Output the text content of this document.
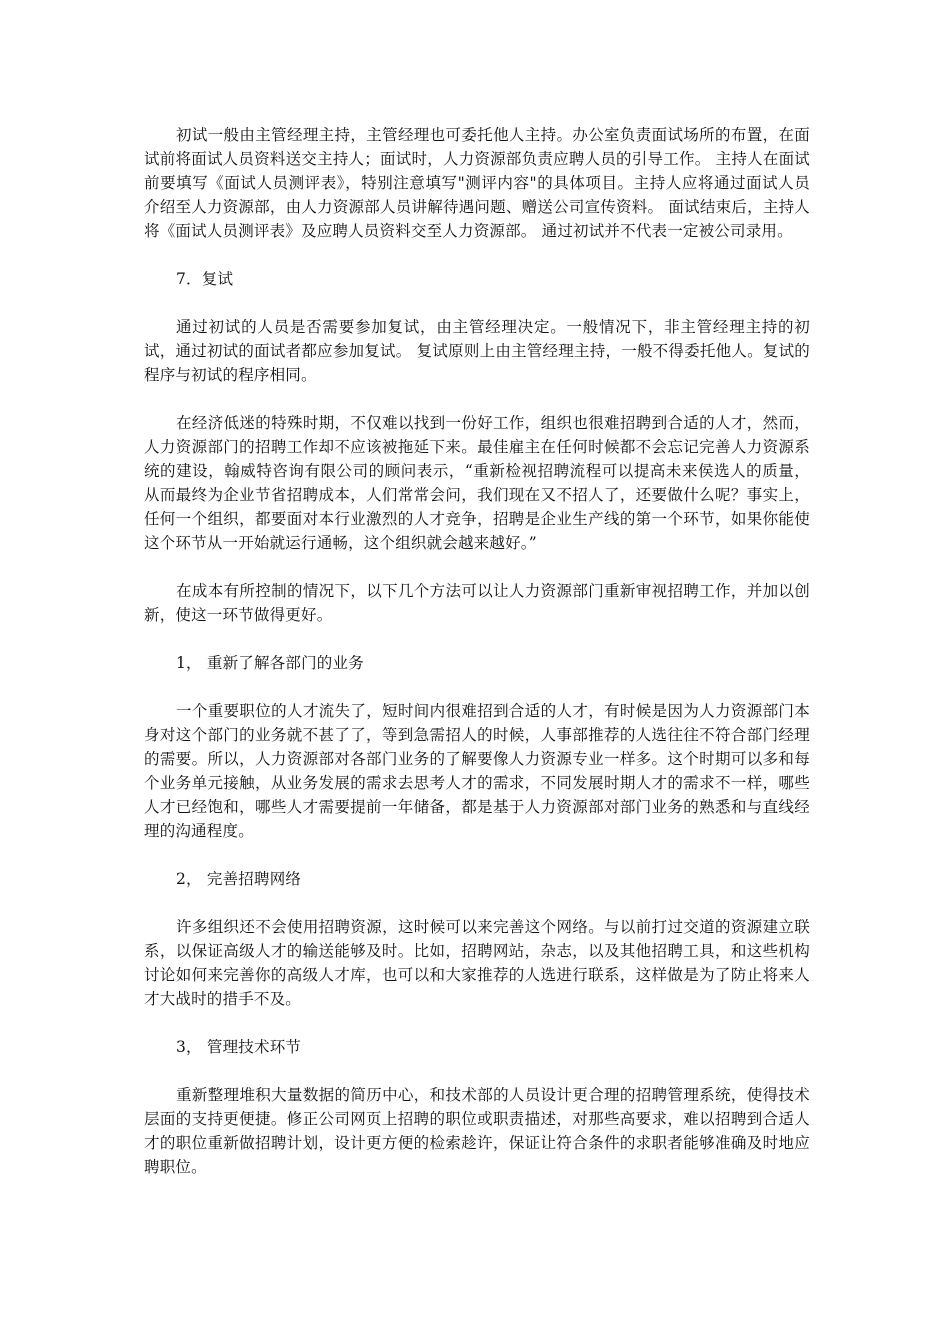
初试一般由主管经理主持，主管经理也可委托他人主持。办公室负责面试场所的布置，在面试前将面试人员资料送交主持人；面试时，人力资源部负责应聘人员的引导工作。 主持人在面试前要填写《面试人员测评表》，特别注意填写"测评内容"的具体项目。主持人应将通过面试人员介绍至人力资源部，由人力资源部人员讲解待遇问题、赠送公司宣传资料。 面试结束后，主持人将《面试人员测评表》及应聘人员资料交至人力资源部。 通过初试并不代表一定被公司录用。

7．复试

通过初试的人员是否需要参加复试，由主管经理决定。一般情况下，非主管经理主持的初试，通过初试的面试者都应参加复试。 复试原则上由主管经理主持，一般不得委托他人。复试的程序与初试的程序相同。

在经济低迷的特殊时期，不仅难以找到一份好工作，组织也很难招聘到合适的人才，然而，人力资源部门的招聘工作却不应该被拖延下来。最佳雇主在任何时候都不会忘记完善人力资源系统的建设，翰威特咨询有限公司的顾问表示，“重新检视招聘流程可以提高未来侯选人的质量，从而最终为企业节省招聘成本，人们常常会问，我们现在又不招人了，还要做什么呢？事实上，任何一个组织，都要面对本行业激烈的人才竞争，招聘是企业生产线的第一个环节，如果你能使这个环节从一开始就运行通畅，这个组织就会越来越好。”

在成本有所控制的情况下，以下几个方法可以让人力资源部门重新审视招聘工作，并加以创新，使这一环节做得更好。

1， 重新了解各部门的业务

一个重要职位的人才流失了，短时间内很难招到合适的人才，有时候是因为人力资源部门本身对这个部门的业务就不甚了了，等到急需招人的时候，人事部推荐的人选往往不符合部门经理的需要。所以，人力资源部对各部门业务的了解要像人力资源专业一样多。这个时期可以多和每个业务单元接触，从业务发展的需求去思考人才的需求，不同发展时期人才的需求不一样，哪些人才已经饱和，哪些人才需要提前一年储备，都是基于人力资源部对部门业务的熟悉和与直线经理的沟通程度。

2， 完善招聘网络

许多组织还不会使用招聘资源，这时候可以来完善这个网络。与以前打过交道的资源建立联系，以保证高级人才的输送能够及时。比如，招聘网站，杂志，以及其他招聘工具，和这些机构讨论如何来完善你的高级人才库，也可以和大家推荐的人选进行联系，这样做是为了防止将来人才大战时的措手不及。

3， 管理技术环节

重新整理堆积大量数据的简历中心，和技术部的人员设计更合理的招聘管理系统，使得技术层面的支持更便捷。修正公司网页上招聘的职位或职责描述，对那些高要求，难以招聘到合适人才的职位重新做招聘计划，设计更方便的检索趁许，保证让符合条件的求职者能够准确及时地应聘职位。
